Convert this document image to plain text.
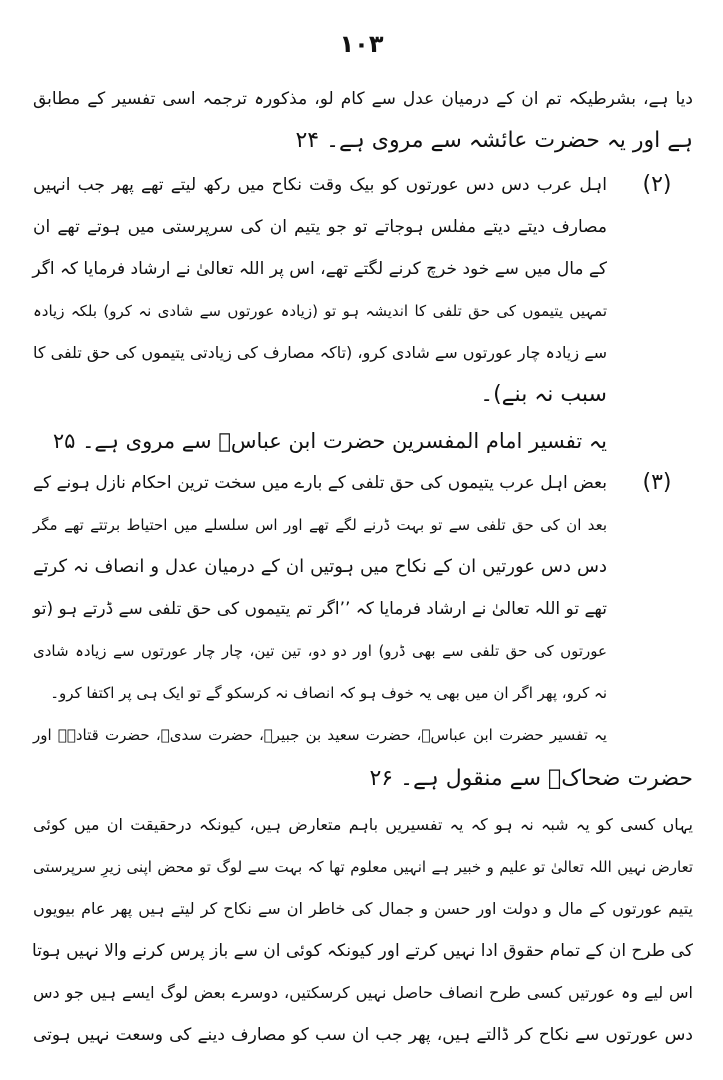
۱۰۳
دیا ہے، بشرطیکہ تم ان کے درمیان عدل سے کام لو، مذکورہ ترجمہ اسی تفسیر کے مطابق
ہے اور یہ حضرت عائشہ سے مروی ہے۔ ۲۴
(۲)
اہل عرب دس دس عورتوں کو بیک وقت نکاح میں رکھ لیتے تھے پھر جب انہیں
مصارف دیتے دیتے مفلس ہوجاتے تو جو یتیم ان کی سرپرستی میں ہوتے تھے ان
کے مال میں سے خود خرچ کرنے لگتے تھے، اس پر اللہ تعالیٰ نے ارشاد فرمایا کہ اگر
تمہیں یتیموں کی حق تلفی کا اندیشہ ہو تو (زیادہ عورتوں سے شادی نہ کرو) بلکہ زیادہ
سے زیادہ چار عورتوں سے شادی کرو، (تاکہ مصارف کی زیادتی یتیموں کی حق تلفی کا
سبب نہ بنے)۔
یہ تفسیر امام المفسرین حضرت ابن عباسؓ سے مروی ہے۔ ۲۵
(۳)
بعض اہل عرب یتیموں کی حق تلفی کے بارے میں سخت ترین احکام نازل ہونے کے
بعد ان کی حق تلفی سے تو بہت ڈرنے لگے تھے اور اس سلسلے میں احتیاط برتتے تھے مگر
دس دس عورتیں ان کے نکاح میں ہوتیں ان کے درمیان عدل و انصاف نہ کرتے
تھے تو اللہ تعالیٰ نے ارشاد فرمایا کہ ’’اگر تم یتیموں کی حق تلفی سے ڈرتے ہو (تو
عورتوں کی حق تلفی سے بھی ڈرو) اور دو دو، تین تین، چار چار عورتوں سے زیادہ شادی
نہ کرو، پھر اگر ان میں بھی یہ خوف ہو کہ انصاف نہ کرسکو گے تو ایک ہی پر اکتفا کرو۔
یہ تفسیر حضرت ابن عباسؓ، حضرت سعید بن جبیرؒ، حضرت سدیؒ، حضرت قتادہؒ اور
حضرت ضحاکؒ سے منقول ہے۔ ۲۶
یہاں کسی کو یہ شبہ نہ ہو کہ یہ تفسیریں باہم متعارض ہیں، کیونکہ درحقیقت ان میں کوئی
تعارض نہیں اللہ تعالیٰ تو علیم و خبیر ہے انہیں معلوم تھا کہ بہت سے لوگ تو محض اپنی زیرِ سرپرستی
یتیم عورتوں کے مال و دولت اور حسن و جمال کی خاطر ان سے نکاح کر لیتے ہیں پھر عام بیویوں
کی طرح ان کے تمام حقوق ادا نہیں کرتے اور کیونکہ کوئی ان سے باز پرس کرنے والا نہیں ہوتا
اس لیے وہ عورتیں کسی طرح انصاف حاصل نہیں کرسکتیں، دوسرے بعض لوگ ایسے ہیں جو دس
دس عورتوں سے نکاح کر ڈالتے ہیں، پھر جب ان سب کو مصارف دینے کی وسعت نہیں ہوتی
